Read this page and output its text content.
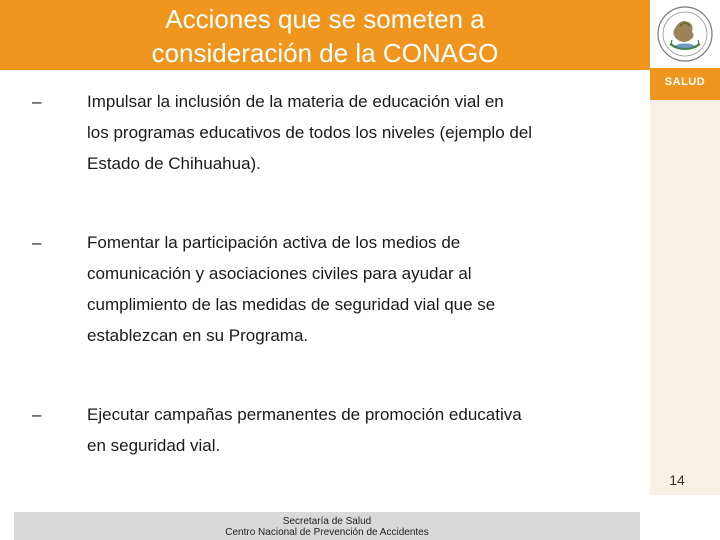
Acciones que se someten a
consideración de la CONAGO
SALUD
14
–	Impulsar la inclusión de la materia de educación vial en
los programas educativos de todos los niveles (ejemplo del
Estado de Chihuahua).
–	Fomentar la participación activa de los medios de
comunicación y asociaciones civiles para ayudar al
cumplimiento de las medidas de seguridad vial que se
establezcan en su Programa.
–	Ejecutar campañas permanentes de promoción educativa
en seguridad vial.
Secretaría de Salud
Centro Nacional de Prevención de Accidentes
